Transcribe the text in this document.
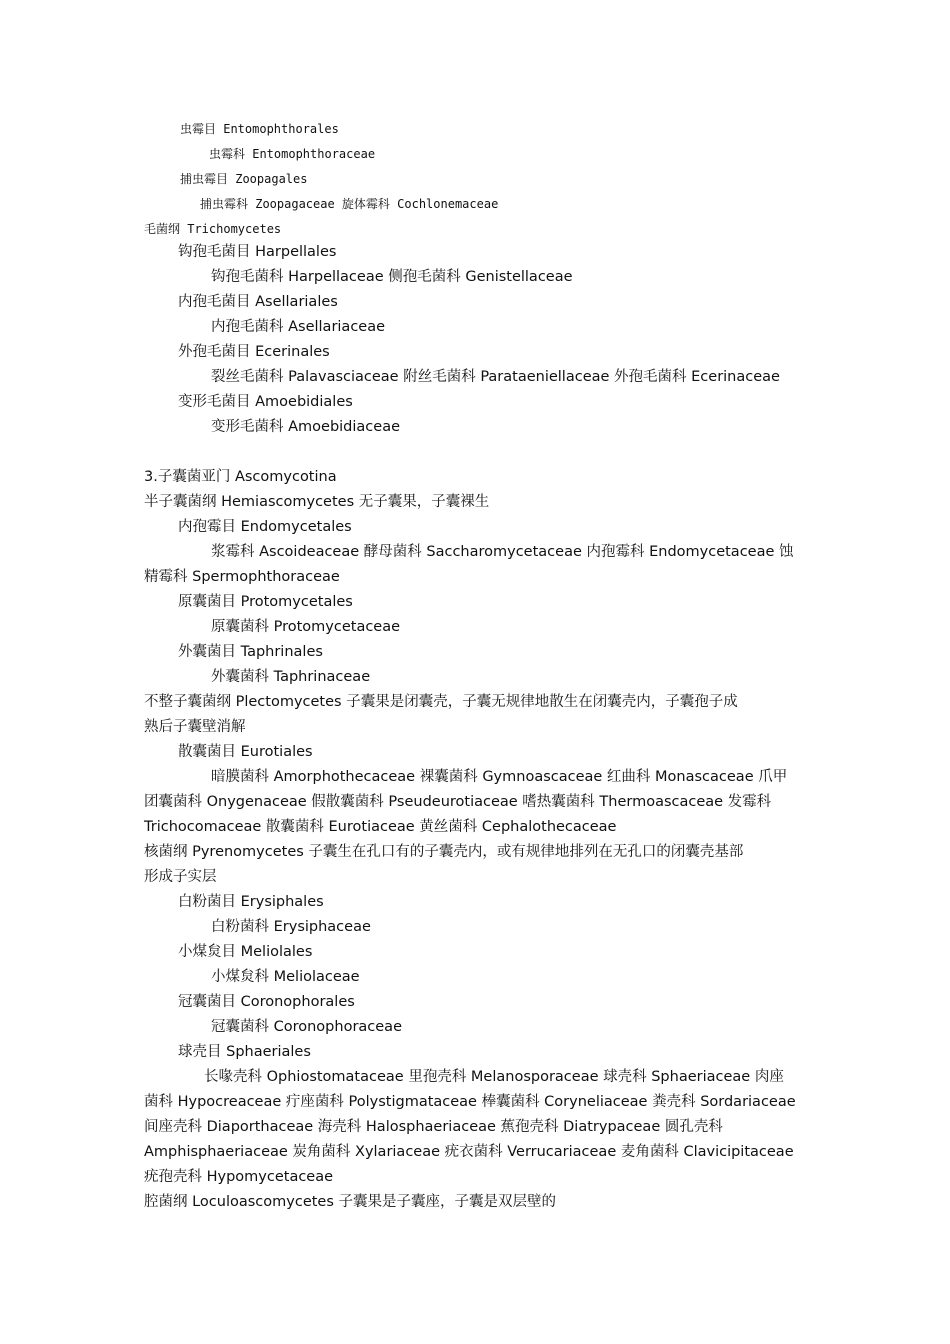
虫霉目 Entomophthorales
虫霉科 Entomophthoraceae
捕虫霉目 Zoopagales
捕虫霉科 Zoopagaceae 旋体霉科 Cochlonemaceae
毛菌纲 Trichomycetes
钩孢毛菌目 Harpellales
钩孢毛菌科 Harpellaceae 侧孢毛菌科 Genistellaceae
内孢毛菌目 Asellariales
内孢毛菌科 Asellariaceae
外孢毛菌目 Ecerinales
裂丝毛菌科 Palavasciaceae 附丝毛菌科 Parataeniellaceae 外孢毛菌科 Ecerinaceae
变形毛菌目 Amoebidiales
变形毛菌科 Amoebidiaceae
3.子囊菌亚门 Ascomycotina
半子囊菌纲 Hemiascomycetes 无子囊果，子囊裸生
内孢霉目 Endomycetales
浆霉科 Ascoideaceae 酵母菌科 Saccharomycetaceae 内孢霉科 Endomycetaceae 蚀
精霉科 Spermophthoraceae
原囊菌目 Protomycetales
原囊菌科 Protomycetaceae
外囊菌目 Taphrinales
外囊菌科 Taphrinaceae
不整子囊菌纲 Plectomycetes 子囊果是闭囊壳，子囊无规律地散生在闭囊壳内，子囊孢子成
熟后子囊壁消解
散囊菌目 Eurotiales
暗膜菌科 Amorphothecaceae 裸囊菌科 Gymnoascaceae 红曲科 Monascaceae 爪甲
团囊菌科 Onygenaceae 假散囊菌科 Pseudeurotiaceae 嗜热囊菌科 Thermoascaceae 发霉科
Trichocomaceae 散囊菌科 Eurotiaceae 黄丝菌科 Cephalothecaceae
核菌纲 Pyrenomycetes 子囊生在孔口有的子囊壳内，或有规律地排列在无孔口的闭囊壳基部
形成子实层
白粉菌目 Erysiphales
白粉菌科 Erysiphaceae
小煤炱目 Meliolales
小煤炱科 Meliolaceae
冠囊菌目 Coronophorales
冠囊菌科 Coronophoraceae
球壳目 Sphaeriales
长喙壳科 Ophiostomataceae 里孢壳科 Melanosporaceae 球壳科 Sphaeriaceae 肉座
菌科 Hypocreaceae 疔座菌科 Polystigmataceae 棒囊菌科 Coryneliaceae 粪壳科 Sordariaceae
间座壳科 Diaporthaceae 海壳科 Halosphaeriaceae 蕉孢壳科 Diatrypaceae 圆孔壳科
Amphisphaeriaceae 炭角菌科 Xylariaceae 疣衣菌科 Verrucariaceae 麦角菌科 Clavicipitaceae
疣孢壳科 Hypomycetaceae
腔菌纲 Loculoascomycetes 子囊果是子囊座，子囊是双层壁的
